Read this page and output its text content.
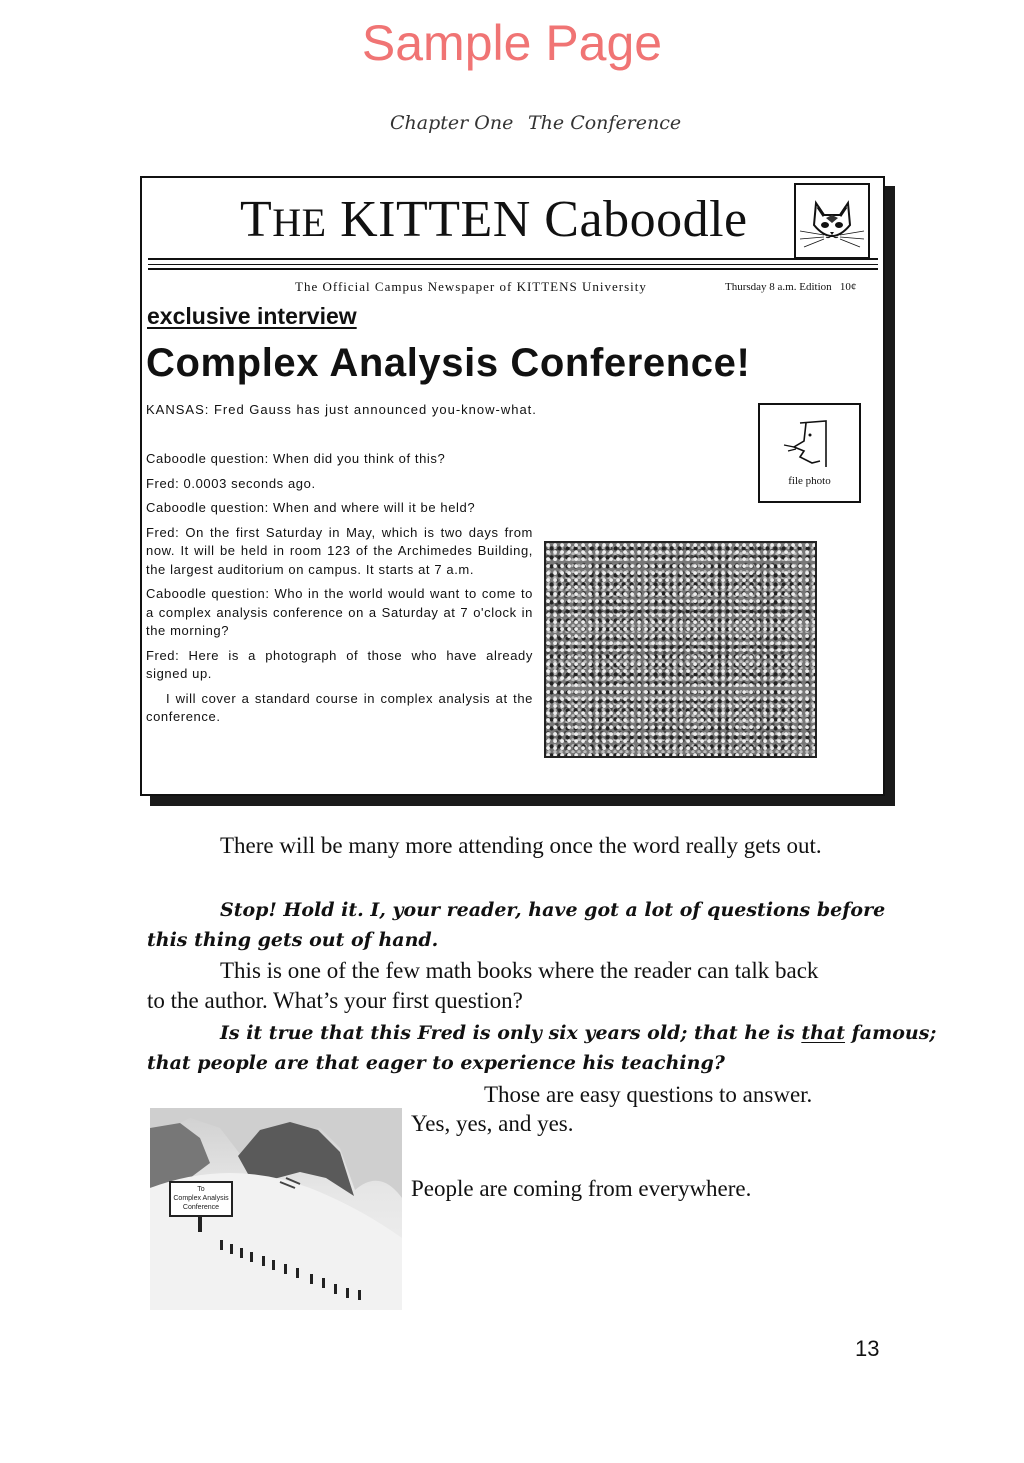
Sample Page
Chapter One The Conference
THE KITTEN Caboodle
The Official Campus Newspaper of KITTENS University	Thursday 8 a.m. Edition 10¢
exclusive interview
Complex Analysis Conference!
KANSAS: Fred Gauss has just announced you-know-what.

Caboodle question: When did you think of this?

Fred: 0.0003 seconds ago.

Caboodle question: When and where will it be held?

Fred: On the first Saturday in May, which is two days from now. It will be held in room 123 of the Archimedes Building, the largest auditorium on campus. It starts at 7 a.m.

Caboodle question: Who in the world would want to come to a complex analysis conference on a Saturday at 7 o'clock in the morning?

Fred: Here is a photograph of those who have already signed up.

I will cover a standard course in complex analysis at the conference.

file photo
There will be many more attending once the word really gets out.
Stop! Hold it. I, your reader, have got a lot of questions before
this thing gets out of hand.
This is one of the few math books where the reader can talk back
to the author. What’s your first question?
Is it true that this Fred is only six years old; that he is that famous;
that people are that eager to experience his teaching?
Those are easy questions to answer.
Yes, yes, and yes.
People are coming from everywhere.
To
Complex Analysis
Conference
13
